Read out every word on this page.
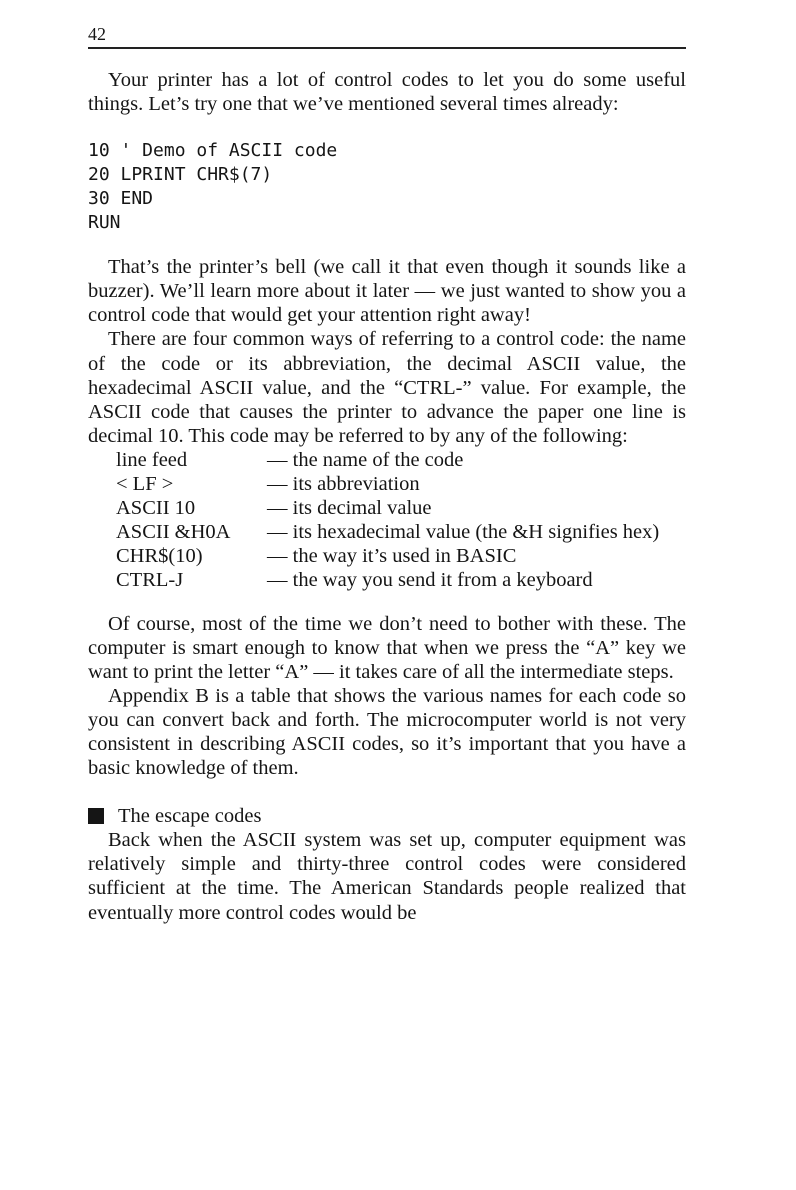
42

Your printer has a lot of control codes to let you do some useful things. Let’s try one that we’ve mentioned several times already:

10 ' Demo of ASCII code
20 LPRINT CHR$(7)
30 END
RUN

That’s the printer’s bell (we call it that even though it sounds like a buzzer). We’ll learn more about it later — we just wanted to show you a control code that would get your attention right away!

There are four common ways of referring to a control code: the name of the code or its abbreviation, the decimal ASCII value, the hexadecimal ASCII value, and the “CTRL-” value. For example, the ASCII code that causes the printer to advance the paper one line is decimal 10. This code may be referred to by any of the following:

line feed	— the name of the code
< LF >	— its abbreviation
ASCII 10	— its decimal value
ASCII &H0A	— its hexadecimal value (the &H signifies hex)
CHR$(10)	— the way it’s used in BASIC
CTRL-J	— the way you send it from a keyboard

Of course, most of the time we don’t need to bother with these. The computer is smart enough to know that when we press the “A” key we want to print the letter “A” — it takes care of all the intermediate steps.

Appendix B is a table that shows the various names for each code so you can convert back and forth. The microcomputer world is not very consistent in describing ASCII codes, so it’s important that you have a basic knowledge of them.

The escape codes

Back when the ASCII system was set up, computer equipment was relatively simple and thirty-three control codes were considered sufficient at the time. The American Standards people realized that eventually more control codes would be
